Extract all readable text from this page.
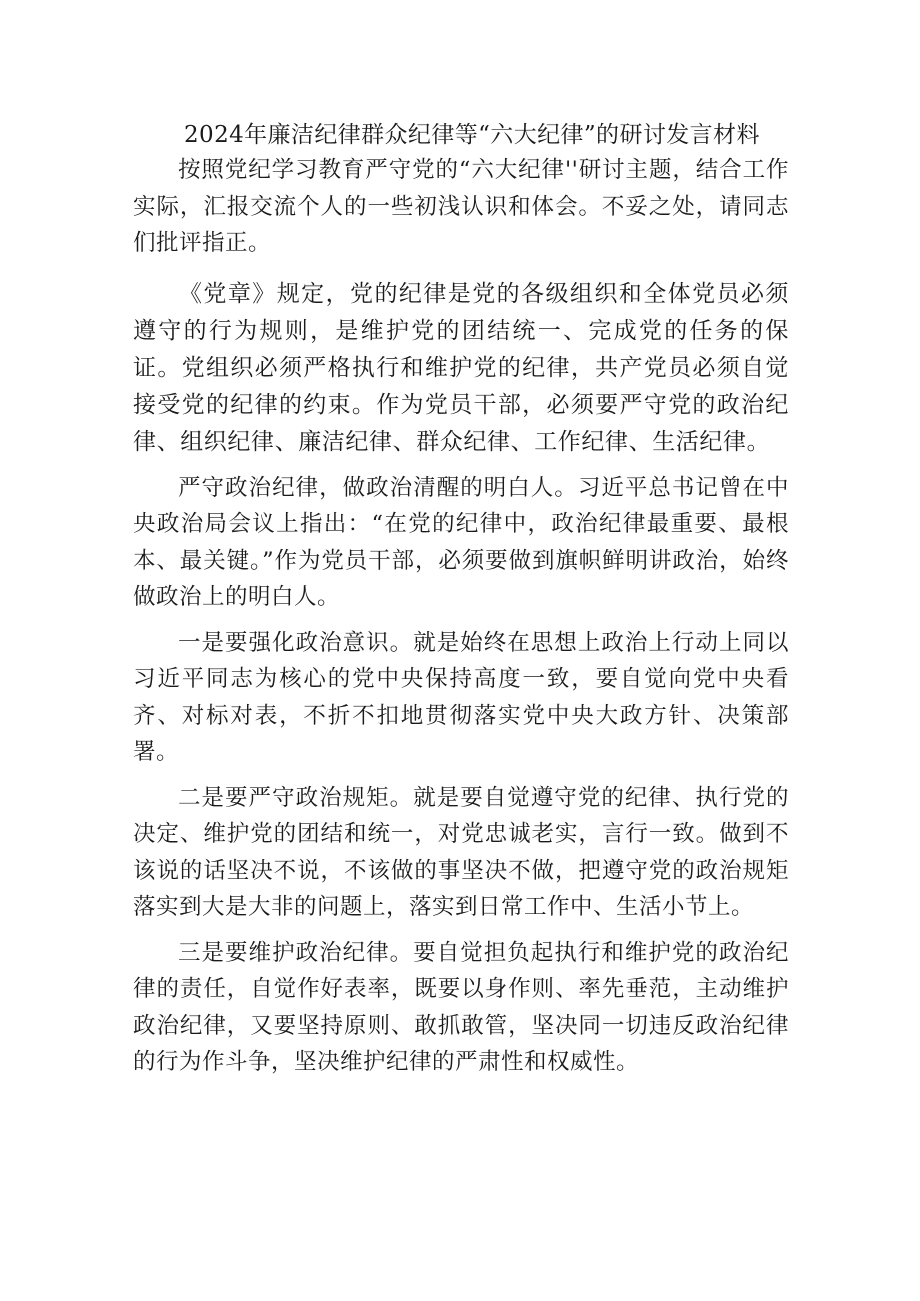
2024年廉洁纪律群众纪律等“六大纪律”的研讨发言材料

按照党纪学习教育严守党的“六大纪律''研讨主题，结合工作实际，汇报交流个人的一些初浅认识和体会。不妥之处，请同志们批评指正。

《党章》规定，党的纪律是党的各级组织和全体党员必须遵守的行为规则，是维护党的团结统一、完成党的任务的保证。党组织必须严格执行和维护党的纪律，共产党员必须自觉接受党的纪律的约束。作为党员干部，必须要严守党的政治纪律、组织纪律、廉洁纪律、群众纪律、工作纪律、生活纪律。

严守政治纪律，做政治清醒的明白人。习近平总书记曾在中央政治局会议上指出：“在党的纪律中，政治纪律最重要、最根本、最关键。”作为党员干部，必须要做到旗帜鲜明讲政治，始终做政治上的明白人。

一是要强化政治意识。就是始终在思想上政治上行动上同以习近平同志为核心的党中央保持高度一致，要自觉向党中央看齐、对标对表，不折不扣地贯彻落实党中央大政方针、决策部署。

二是要严守政治规矩。就是要自觉遵守党的纪律、执行党的决定、维护党的团结和统一，对党忠诚老实，言行一致。做到不该说的话坚决不说，不该做的事坚决不做，把遵守党的政治规矩落实到大是大非的问题上，落实到日常工作中、生活小节上。

三是要维护政治纪律。要自觉担负起执行和维护党的政治纪律的责任，自觉作好表率，既要以身作则、率先垂范，主动维护政治纪律，又要坚持原则、敢抓敢管，坚决同一切违反政治纪律的行为作斗争，坚决维护纪律的严肃性和权威性。
